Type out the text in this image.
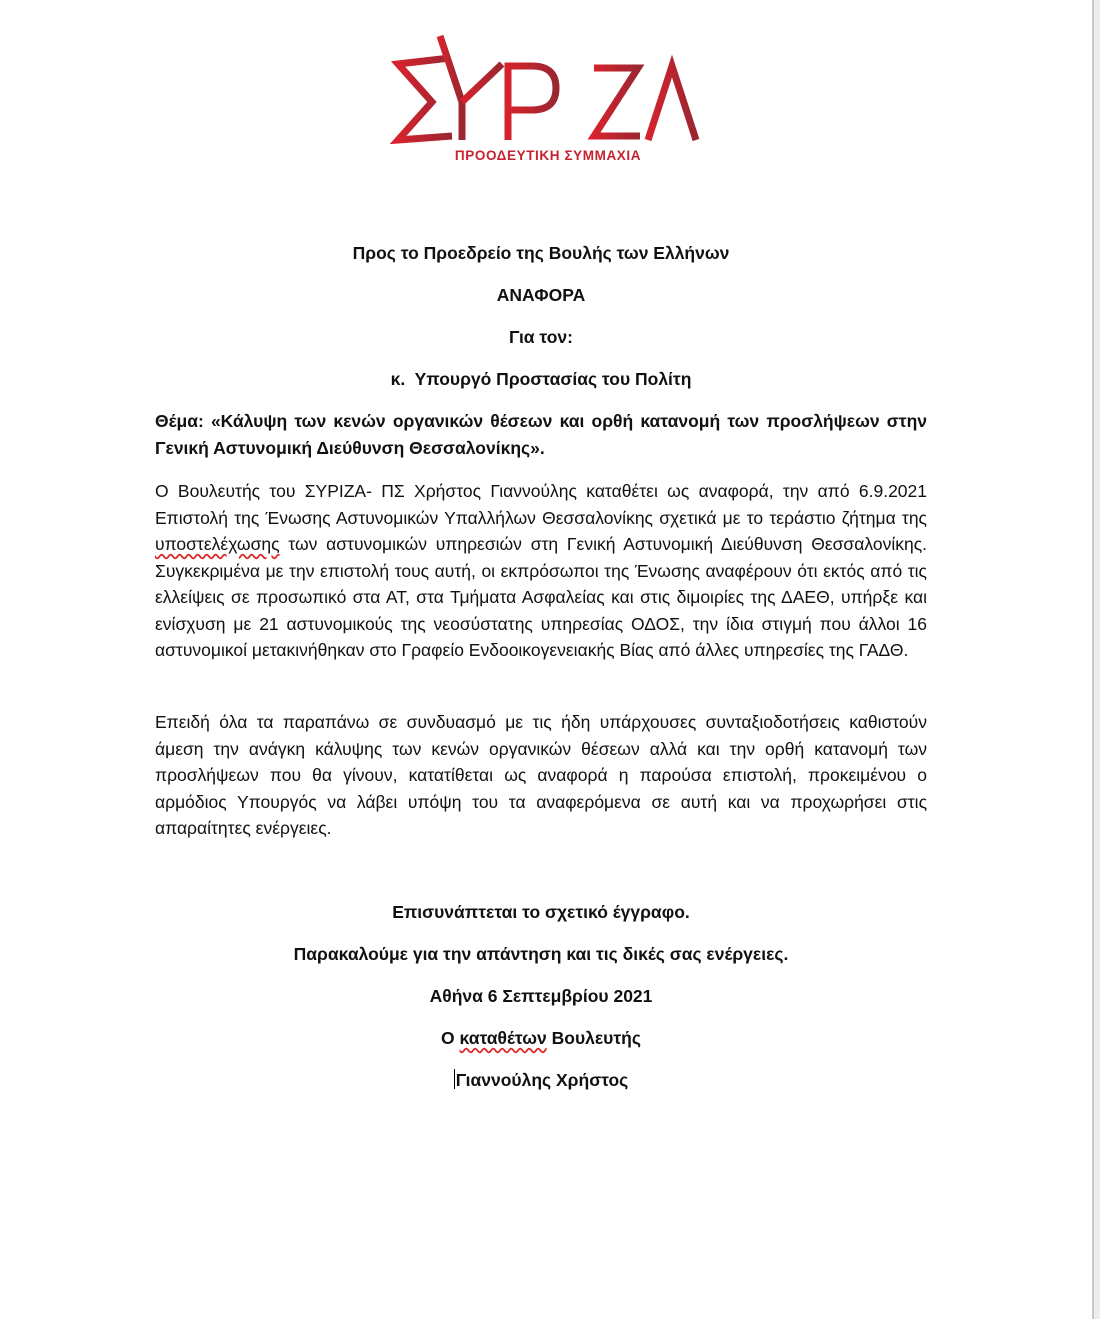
ΠΡΟΟΔΕΥΤΙΚΗ ΣΥΜΜΑΧΙΑ

Προς το Προεδρείο της Βουλής των Ελλήνων

ΑΝΑΦΟΡΑ

Για τον:

κ.  Υπουργό Προστασίας του Πολίτη

Θέμα: «Κάλυψη των κενών οργανικών θέσεων και ορθή κατανομή των προσλήψεων στην Γενική Αστυνομική Διεύθυνση Θεσσαλονίκης».

Ο Βουλευτής του ΣΥΡΙΖΑ- ΠΣ Χρήστος Γιαννούλης καταθέτει ως αναφορά, την από 6.9.2021 Επιστολή της Ένωσης Αστυνομικών Υπαλλήλων Θεσσαλονίκης σχετικά με το τεράστιο ζήτημα της υποστελέχωσης των αστυνομικών υπηρεσιών στη Γενική Αστυνομική Διεύθυνση Θεσσαλονίκης. Συγκεκριμένα με την επιστολή τους αυτή, οι εκπρόσωποι της Ένωσης αναφέρουν ότι εκτός από τις ελλείψεις σε προσωπικό στα ΑΤ, στα Τμήματα Ασφαλείας και στις διμοιρίες της ΔΑΕΘ, υπήρξε και ενίσχυση με 21 αστυνομικούς της νεοσύστατης υπηρεσίας ΟΔΟΣ, την ίδια στιγμή που άλλοι 16 αστυνομικοί μετακινήθηκαν στο Γραφείο Ενδοοικογενειακής Βίας από άλλες υπηρεσίες της ΓΑΔΘ.

Επειδή όλα τα παραπάνω σε συνδυασμό με τις ήδη υπάρχουσες συνταξιοδοτήσεις καθιστούν άμεση την ανάγκη κάλυψης των κενών οργανικών θέσεων αλλά και την ορθή κατανομή των προσλήψεων που θα γίνουν, κατατίθεται ως αναφορά η παρούσα επιστολή, προκειμένου ο αρμόδιος Υπουργός να λάβει υπόψη του τα αναφερόμενα σε αυτή και να προχωρήσει στις απαραίτητες ενέργειες.

Επισυνάπτεται το σχετικό έγγραφο.

Παρακαλούμε για την απάντηση και τις δικές σας ενέργειες.

Αθήνα 6 Σεπτεμβρίου 2021

Ο καταθέτων Βουλευτής

Γιαννούλης Χρήστος
